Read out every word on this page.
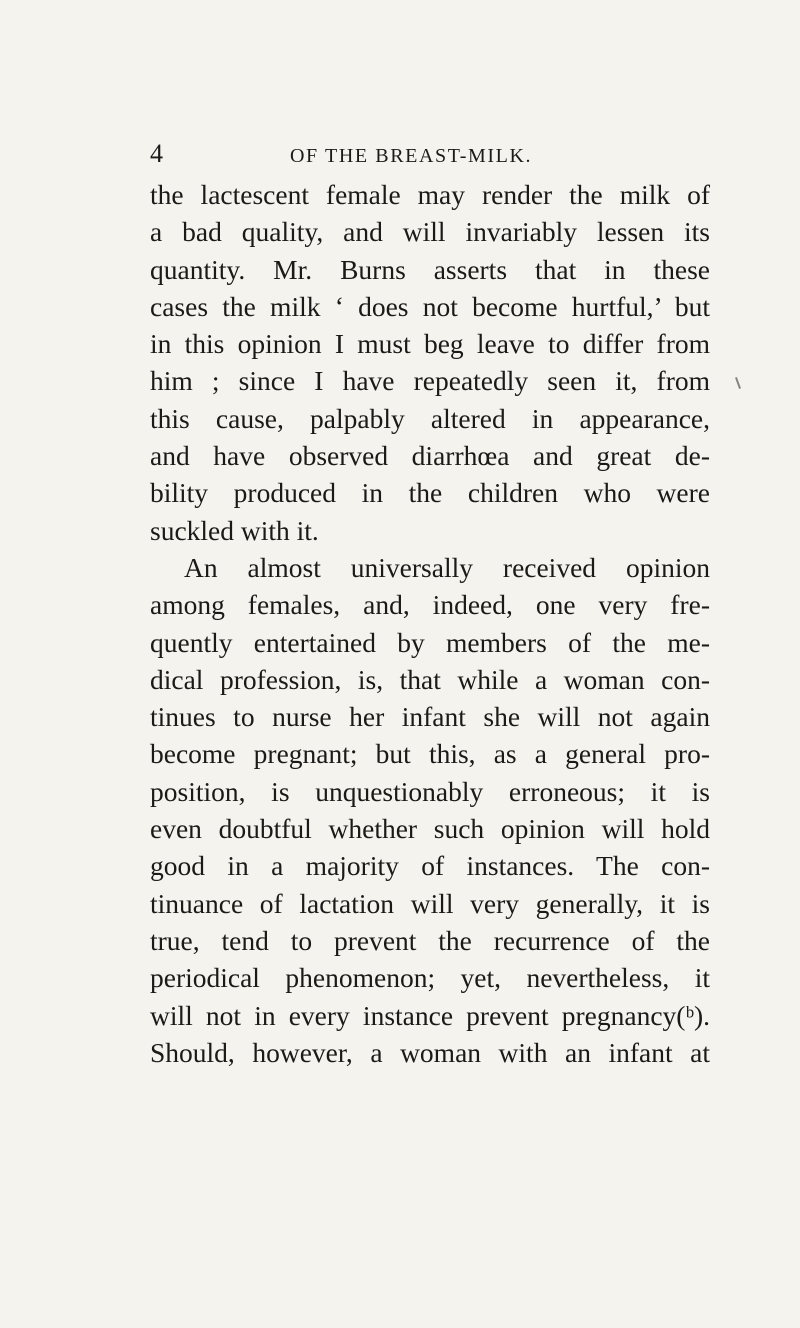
4	OF THE BREAST-MILK.
the lactescent female may render the milk of
a bad quality, and will invariably lessen its
quantity. Mr. Burns asserts that in these
cases the milk ‘ does not become hurtful,’ but
in this opinion I must beg leave to differ from
him ; since I have repeatedly seen it, from
this cause, palpably altered in appearance,
and have observed diarrhœa and great de-
bility produced in the children who were
suckled with it.
An almost universally received opinion
among females, and, indeed, one very fre-
quently entertained by members of the me-
dical profession, is, that while a woman con-
tinues to nurse her infant she will not again
become pregnant; but this, as a general pro-
position, is unquestionably erroneous; it is
even doubtful whether such opinion will hold
good in a majority of instances. The con-
tinuance of lactation will very generally, it is
true, tend to prevent the recurrence of the
periodical phenomenon; yet, nevertheless, it
will not in every instance prevent pregnancy(ᵇ).
Should, however, a woman with an infant at
